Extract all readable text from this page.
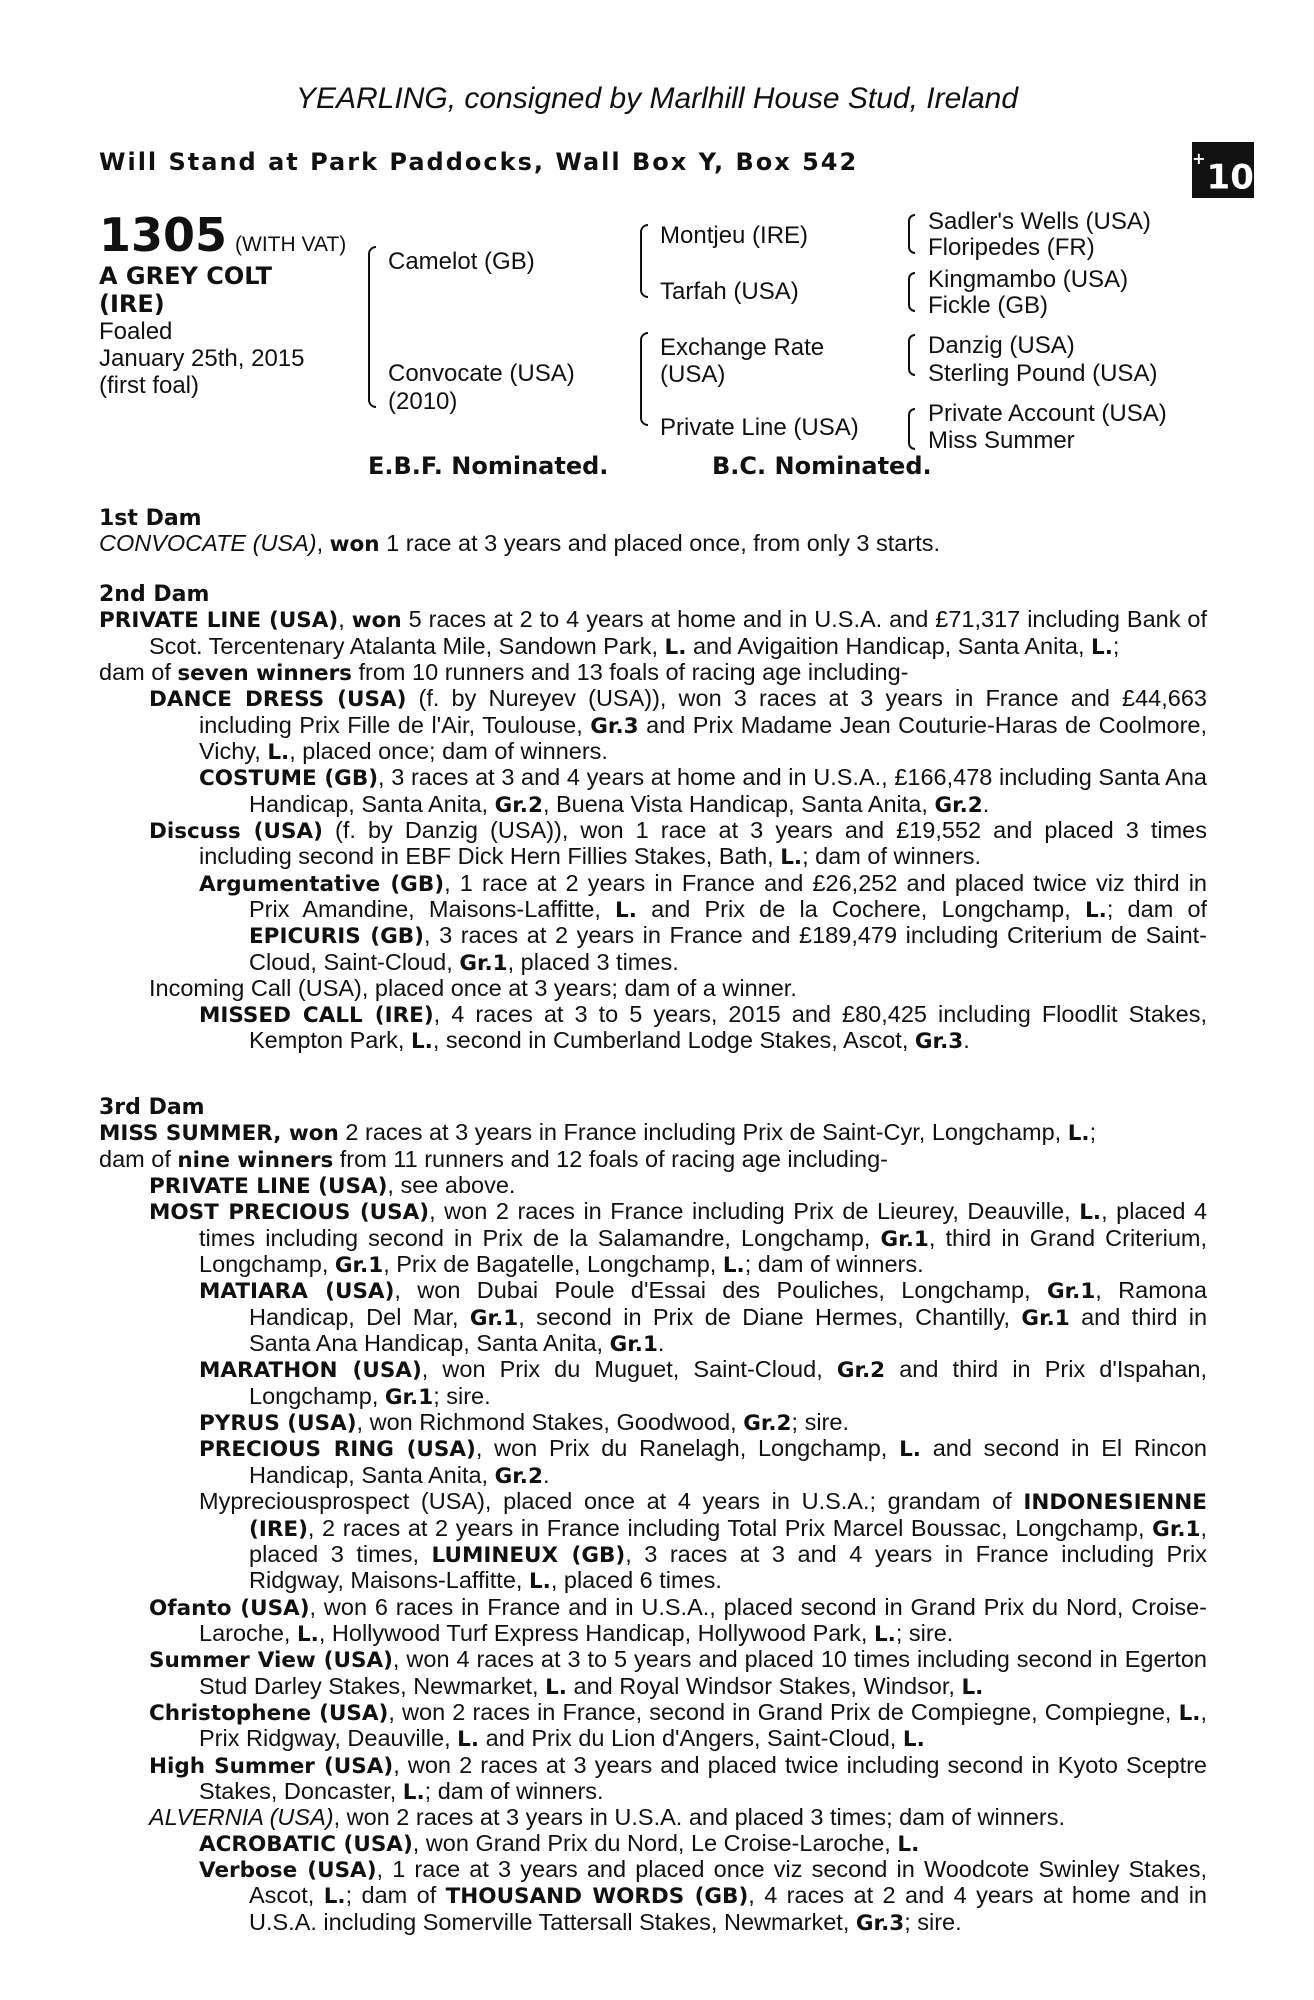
YEARLING, consigned by Marlhill House Stud, Ireland
Will Stand at Park Paddocks, Wall Box Y, Box 542	+10
1305 (WITH VAT)
A GREY COLT (IRE)
Foaled
January 25th, 2015
(first foal)
Camelot (GB)
Convocate (USA)
(2010)
Montjeu (IRE)
Tarfah (USA)
Exchange Rate
(USA)
Private Line (USA)
Sadler's Wells (USA)
Floripedes (FR)
Kingmambo (USA)
Fickle (GB)
Danzig (USA)
Sterling Pound (USA)
Private Account (USA)
Miss Summer
E.B.F. Nominated.	B.C. Nominated.

1st Dam

CONVOCATE (USA), won 1 race at 3 years and placed once, from only 3 starts.

2nd Dam

PRIVATE LINE (USA), won 5 races at 2 to 4 years at home and in U.S.A. and £71,317 including Bank of Scot. Tercentenary Atalanta Mile, Sandown Park, L. and Avigaition Handicap, Santa Anita, L.;

dam of seven winners from 10 runners and 13 foals of racing age including-

DANCE DRESS (USA) (f. by Nureyev (USA)), won 3 races at 3 years in France and £44,663 including Prix Fille de l'Air, Toulouse, Gr.3 and Prix Madame Jean Couturie-Haras de Coolmore, Vichy, L., placed once; dam of winners.

COSTUME (GB), 3 races at 3 and 4 years at home and in U.S.A., £166,478 including Santa Ana Handicap, Santa Anita, Gr.2, Buena Vista Handicap, Santa Anita, Gr.2.

Discuss (USA) (f. by Danzig (USA)), won 1 race at 3 years and £19,552 and placed 3 times including second in EBF Dick Hern Fillies Stakes, Bath, L.; dam of winners.

Argumentative (GB), 1 race at 2 years in France and £26,252 and placed twice viz third in Prix Amandine, Maisons-Laffitte, L. and Prix de la Cochere, Longchamp, L.; dam of EPICURIS (GB), 3 races at 2 years in France and £189,479 including Criterium de Saint-Cloud, Saint-Cloud, Gr.1, placed 3 times.

Incoming Call (USA), placed once at 3 years; dam of a winner.

MISSED CALL (IRE), 4 races at 3 to 5 years, 2015 and £80,425 including Floodlit Stakes, Kempton Park, L., second in Cumberland Lodge Stakes, Ascot, Gr.3.

3rd Dam

MISS SUMMER, won 2 races at 3 years in France including Prix de Saint-Cyr, Longchamp, L.;

dam of nine winners from 11 runners and 12 foals of racing age including-

PRIVATE LINE (USA), see above.

MOST PRECIOUS (USA), won 2 races in France including Prix de Lieurey, Deauville, L., placed 4 times including second in Prix de la Salamandre, Longchamp, Gr.1, third in Grand Criterium, Longchamp, Gr.1, Prix de Bagatelle, Longchamp, L.; dam of winners.

MATIARA (USA), won Dubai Poule d'Essai des Pouliches, Longchamp, Gr.1, Ramona Handicap, Del Mar, Gr.1, second in Prix de Diane Hermes, Chantilly, Gr.1 and third in Santa Ana Handicap, Santa Anita, Gr.1.

MARATHON (USA), won Prix du Muguet, Saint-Cloud, Gr.2 and third in Prix d'Ispahan, Longchamp, Gr.1; sire.

PYRUS (USA), won Richmond Stakes, Goodwood, Gr.2; sire.

PRECIOUS RING (USA), won Prix du Ranelagh, Longchamp, L. and second in El Rincon Handicap, Santa Anita, Gr.2.

Mypreciousprospect (USA), placed once at 4 years in U.S.A.; grandam of INDONESIENNE (IRE), 2 races at 2 years in France including Total Prix Marcel Boussac, Longchamp, Gr.1, placed 3 times, LUMINEUX (GB), 3 races at 3 and 4 years in France including Prix Ridgway, Maisons-Laffitte, L., placed 6 times.

Ofanto (USA), won 6 races in France and in U.S.A., placed second in Grand Prix du Nord, Croise-Laroche, L., Hollywood Turf Express Handicap, Hollywood Park, L.; sire.

Summer View (USA), won 4 races at 3 to 5 years and placed 10 times including second in Egerton Stud Darley Stakes, Newmarket, L. and Royal Windsor Stakes, Windsor, L.

Christophene (USA), won 2 races in France, second in Grand Prix de Compiegne, Compiegne, L., Prix Ridgway, Deauville, L. and Prix du Lion d'Angers, Saint-Cloud, L.

High Summer (USA), won 2 races at 3 years and placed twice including second in Kyoto Sceptre Stakes, Doncaster, L.; dam of winners.

ALVERNIA (USA), won 2 races at 3 years in U.S.A. and placed 3 times; dam of winners.

ACROBATIC (USA), won Grand Prix du Nord, Le Croise-Laroche, L.

Verbose (USA), 1 race at 3 years and placed once viz second in Woodcote Swinley Stakes, Ascot, L.; dam of THOUSAND WORDS (GB), 4 races at 2 and 4 years at home and in U.S.A. including Somerville Tattersall Stakes, Newmarket, Gr.3; sire.
